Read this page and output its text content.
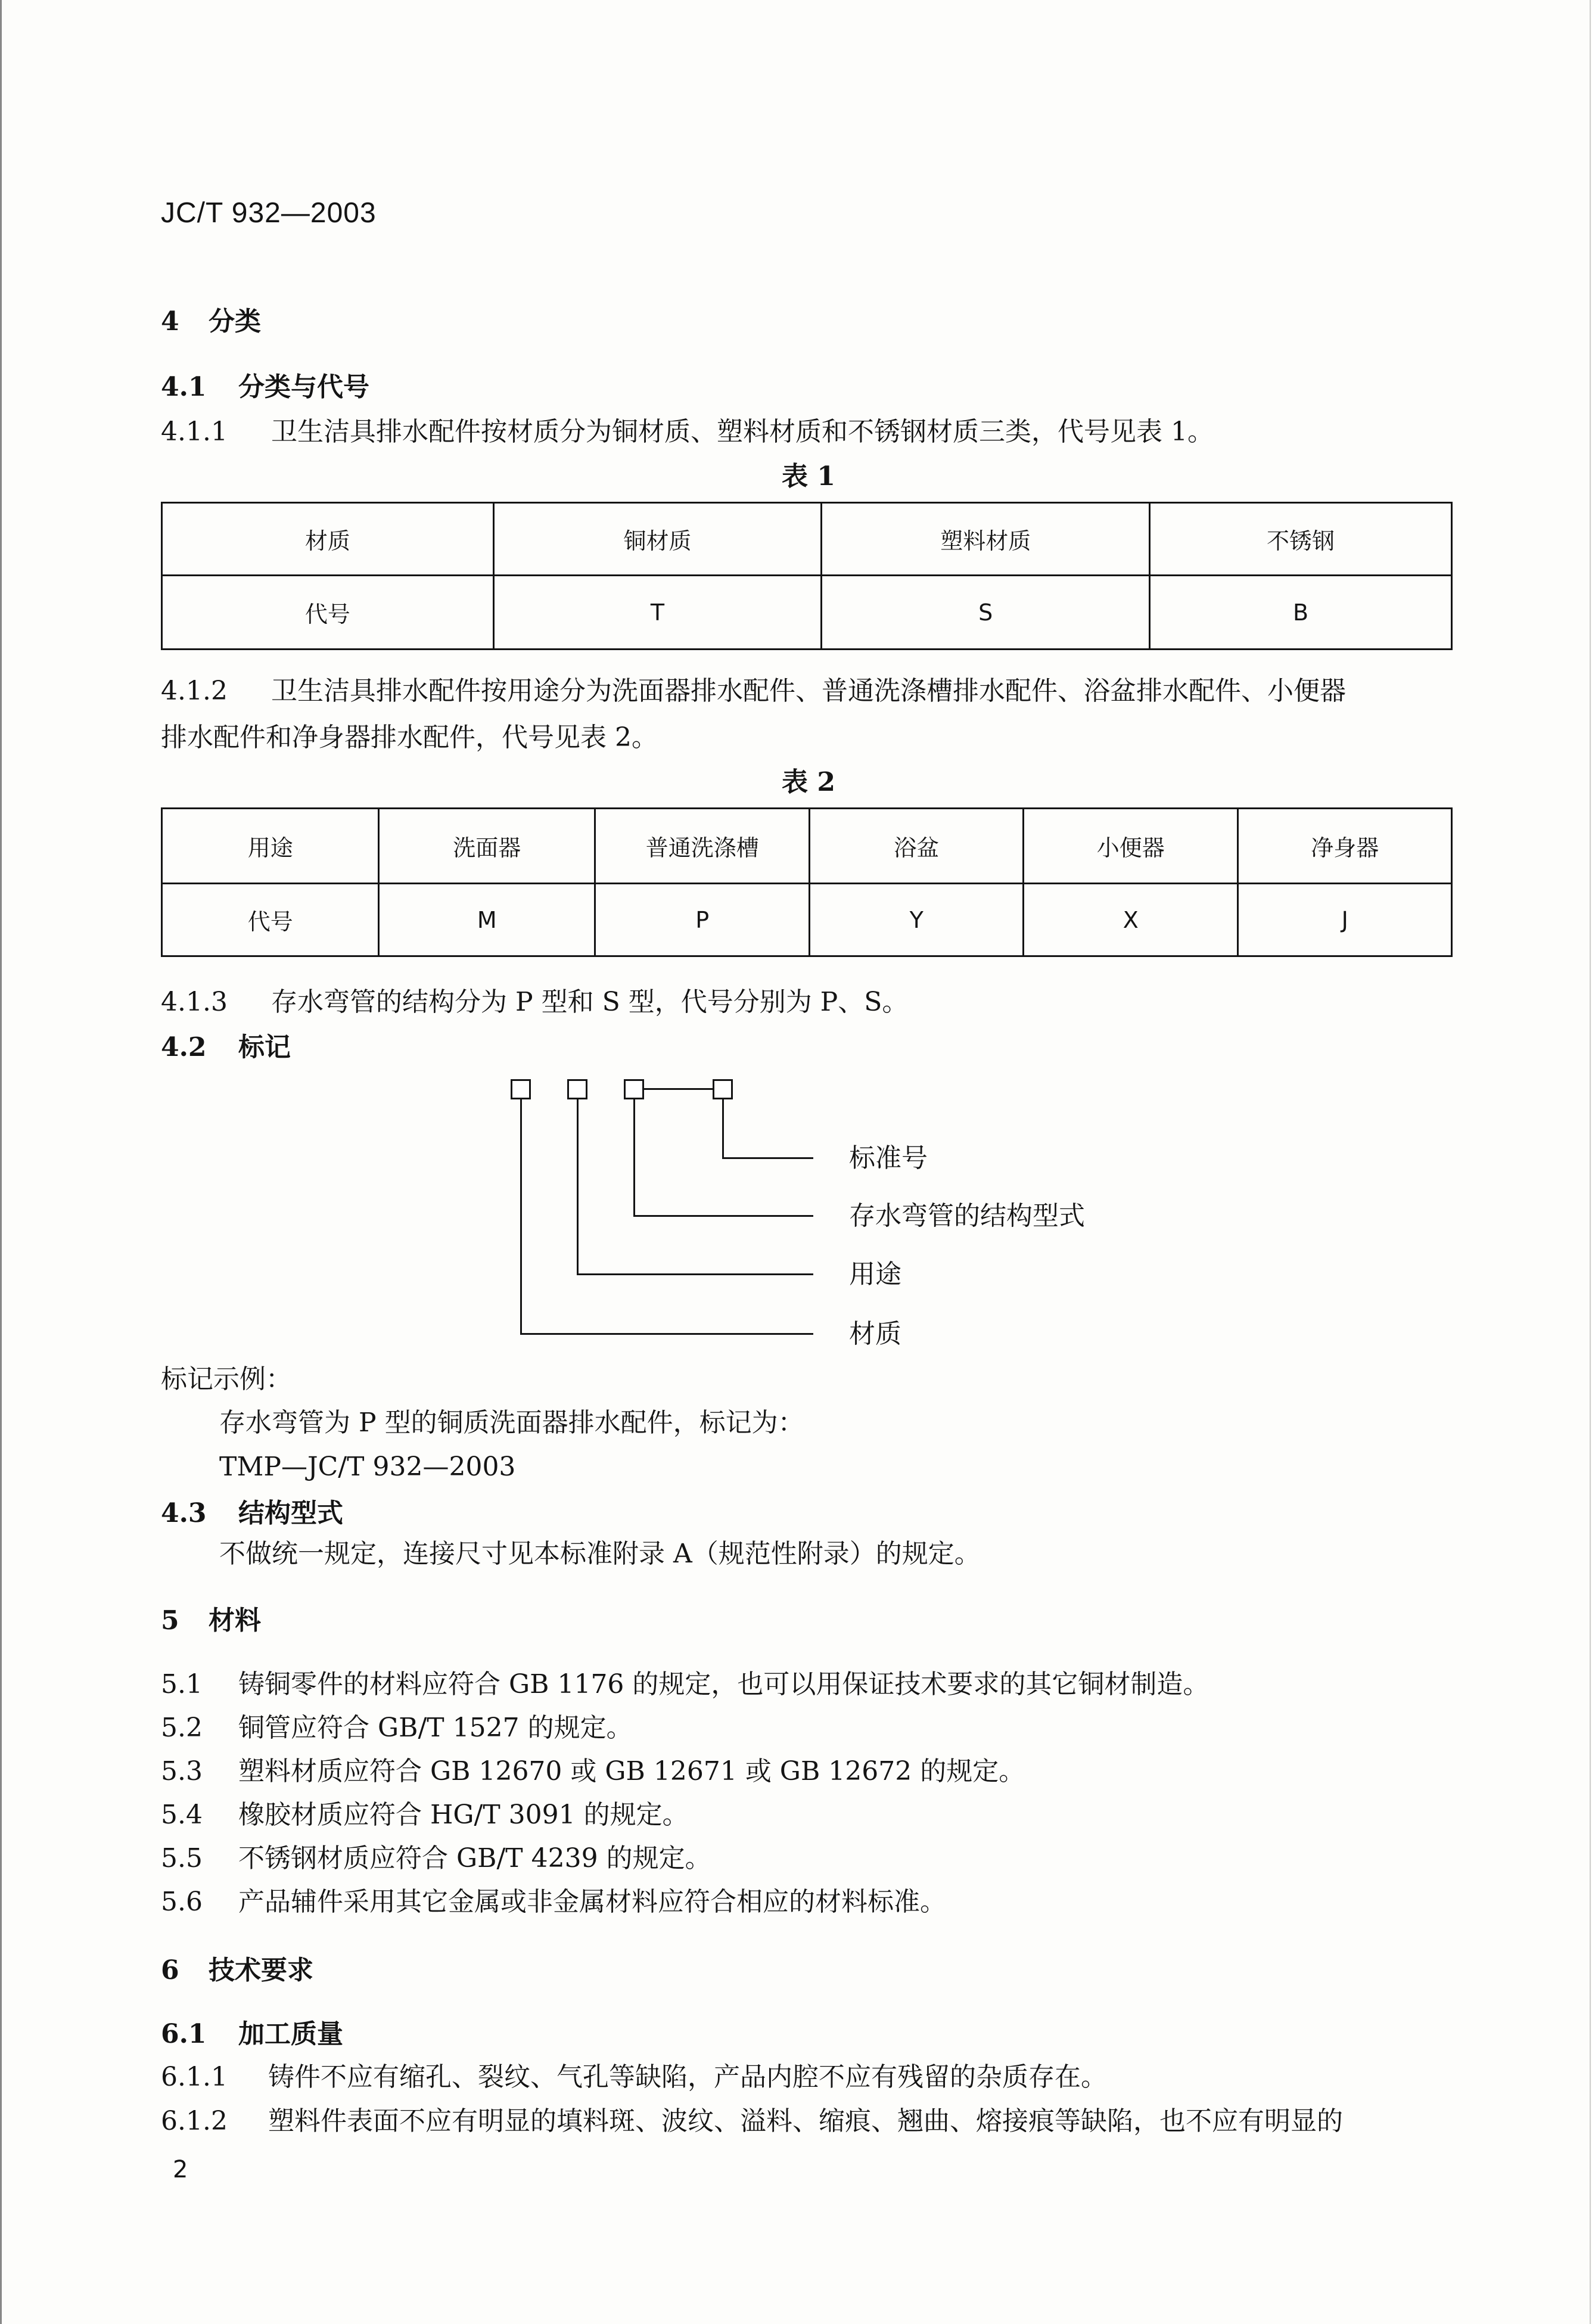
JC/T 932—2003
4 分类
4.1 分类与代号
4.1.1 卫生洁具排水配件按材质分为铜材质、塑料材质和不锈钢材质三类，代号见表 1。
表 1
材质	铜材质	塑料材质	不锈钢
代号	T	S	B
4.1.2 卫生洁具排水配件按用途分为洗面器排水配件、普通洗涤槽排水配件、浴盆排水配件、小便器
排水配件和净身器排水配件，代号见表 2。
表 2
用途	洗面器	普通洗涤槽	浴盆	小便器	净身器
代号	M	P	Y	X	J
4.1.3 存水弯管的结构分为 P 型和 S 型，代号分别为 P、S。
4.2 标记
标准号
存水弯管的结构型式
用途
材质
标记示例：
存水弯管为 P 型的铜质洗面器排水配件，标记为：
TMP—JC/T 932—2003
4.3 结构型式
不做统一规定，连接尺寸见本标准附录 A（规范性附录）的规定。
5 材料
5.1 铸铜零件的材料应符合 GB 1176 的规定，也可以用保证技术要求的其它铜材制造。
5.2 铜管应符合 GB/T 1527 的规定。
5.3 塑料材质应符合 GB 12670 或 GB 12671 或 GB 12672 的规定。
5.4 橡胶材质应符合 HG/T 3091 的规定。
5.5 不锈钢材质应符合 GB/T 4239 的规定。
5.6 产品辅件采用其它金属或非金属材料应符合相应的材料标准。
6 技术要求
6.1 加工质量
6.1.1 铸件不应有缩孔、裂纹、气孔等缺陷，产品内腔不应有残留的杂质存在。
6.1.2 塑料件表面不应有明显的填料斑、波纹、溢料、缩痕、翘曲、熔接痕等缺陷，也不应有明显的
2
